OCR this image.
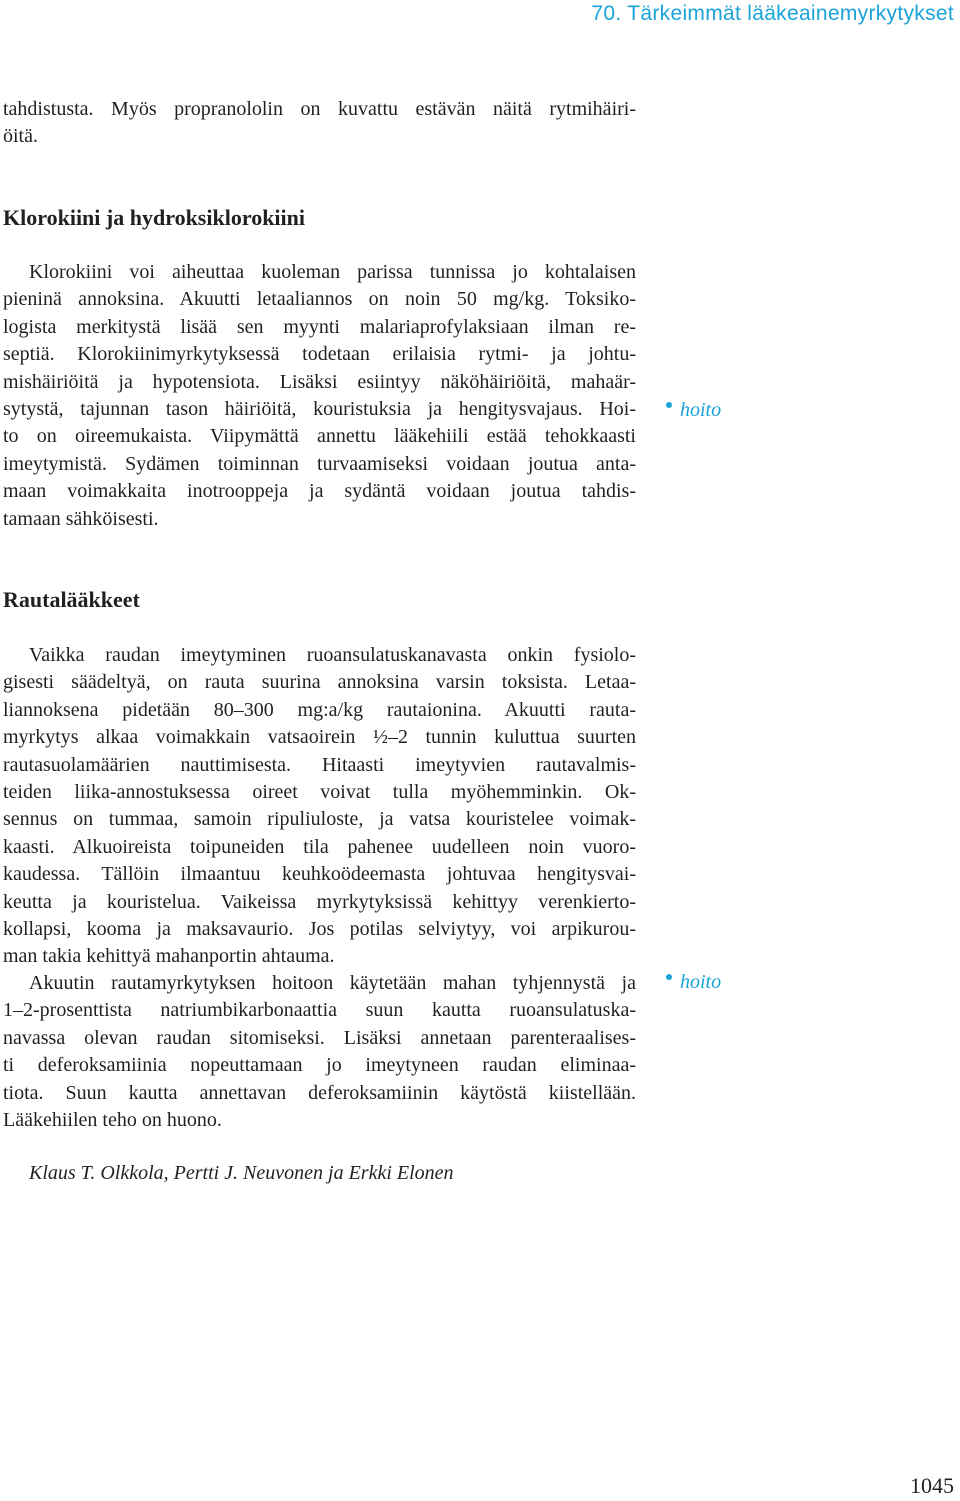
70. Tärkeimmät lääkeainemyrkytykset
tahdistusta. Myös propranololin on kuvattu estävän näitä rytmihäiri-
öitä.
Klorokiini ja hydroksiklorokiini
Klorokiini voi aiheuttaa kuoleman parissa tunnissa jo kohtalaisen
pieninä annoksina. Akuutti letaaliannos on noin 50 mg/kg. Toksiko-
logista merkitystä lisää sen myynti malariaprofylaksiaan ilman re-
septiä. Klorokiinimyrkytyksessä todetaan erilaisia rytmi- ja johtu-
mishäiriöitä ja hypotensiota. Lisäksi esiintyy näköhäiriöitä, mahaär-
sytystä, tajunnan tason häiriöitä, kouristuksia ja hengitysvajaus. Hoi-
to on oireemukaista. Viipymättä annettu lääkehiili estää tehokkaasti
imeytymistä. Sydämen toiminnan turvaamiseksi voidaan joutua anta-
maan voimakkaita inotrooppeja ja sydäntä voidaan joutua tahdis-
tamaan sähköisesti.
hoito
Rautalääkkeet
Vaikka raudan imeytyminen ruoansulatuskanavasta onkin fysiolo-
gisesti säädeltyä, on rauta suurina annoksina varsin toksista. Letaa-
liannoksena pidetään 80–300 mg:a/kg rautaionina. Akuutti rauta-
myrkytys alkaa voimakkain vatsaoirein ½–2 tunnin kuluttua suurten
rautasuolamäärien nauttimisesta. Hitaasti imeytyvien rautavalmis-
teiden liika-annostuksessa oireet voivat tulla myöhemminkin. Ok-
sennus on tummaa, samoin ripuliuloste, ja vatsa kouristelee voimak-
kaasti. Alkuoireista toipuneiden tila pahenee uudelleen noin vuoro-
kaudessa. Tällöin ilmaantuu keuhkoödeemasta johtuvaa hengitysvai-
keutta ja kouristelua. Vaikeissa myrkytyksissä kehittyy verenkierto-
kollapsi, kooma ja maksavaurio. Jos potilas selviytyy, voi arpikurou-
man takia kehittyä mahanportin ahtauma.
Akuutin rautamyrkytyksen hoitoon käytetään mahan tyhjennystä ja
1–2-prosenttista natriumbikarbonaattia suun kautta ruoansulatuska-
navassa olevan raudan sitomiseksi. Lisäksi annetaan parenteraalises-
ti deferoksamiinia nopeuttamaan jo imeytyneen raudan eliminaa-
tiota. Suun kautta annettavan deferoksamiinin käytöstä kiistellään.
Lääkehiilen teho on huono.
hoito
Klaus T. Olkkola, Pertti J. Neuvonen ja Erkki Elonen
1045
